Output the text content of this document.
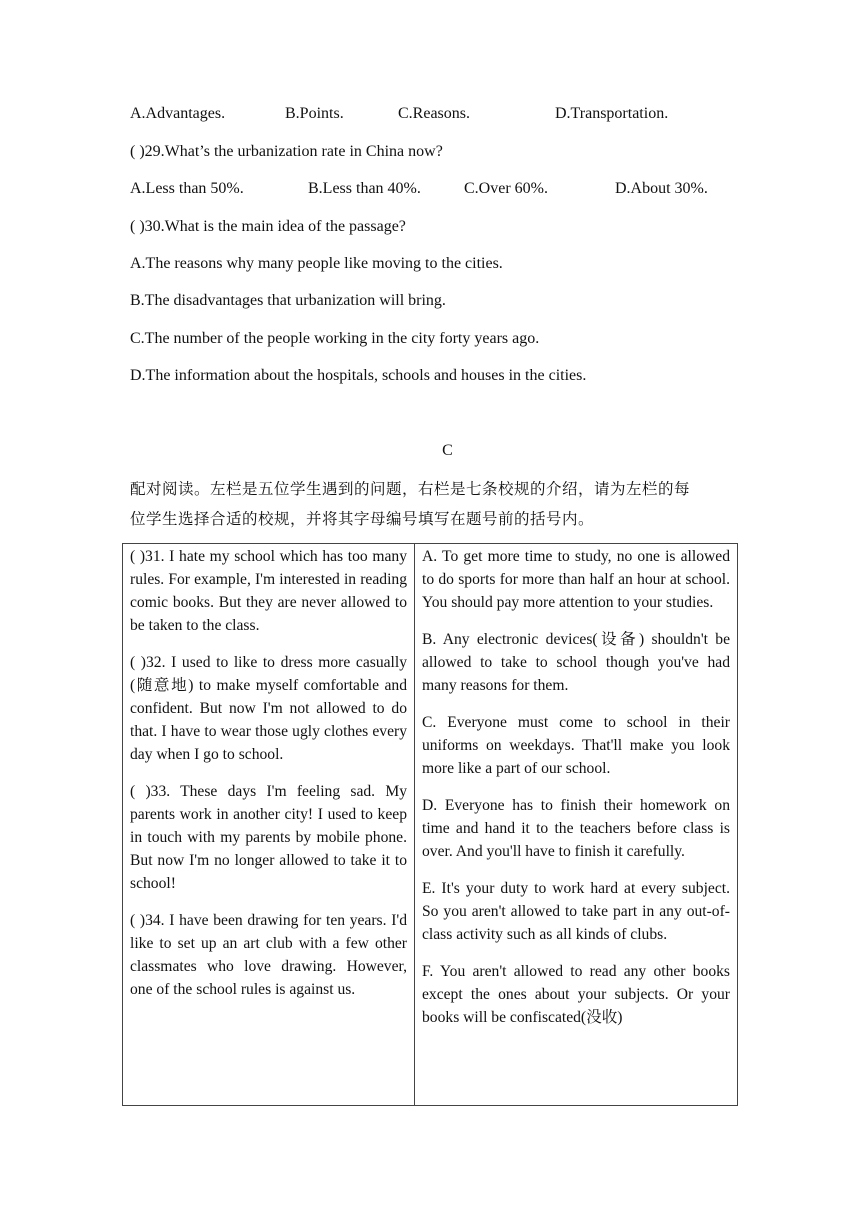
A.Advantages.	B.Points.	C.Reasons.	D.Transportation.
( )29.What’s the urbanization rate in China now?
A.Less than 50%.	B.Less than 40%.	C.Over 60%.	D.About 30%.
( )30.What is the main idea of the passage?
A.The reasons why many people like moving to the cities.
B.The disadvantages that urbanization will bring.
C.The number of the people working in the city forty years ago.
D.The information about the hospitals, schools and houses in the cities.
C
配对阅读。左栏是五位学生遇到的问题，右栏是七条校规的介绍，请为左栏的每
位学生选择合适的校规，并将其字母编号填写在题号前的括号内。

( )31. I hate my school which has too many rules. For example, I'm interested in reading comic books. But they are never allowed to be taken to the class.

( )32. I used to like to dress more casually (随意地) to make myself comfortable and confident. But now I'm not allowed to do that. I have to wear those ugly clothes every day when I go to school.

( )33. These days I'm feeling sad. My parents work in another city! I used to keep in touch with my parents by mobile phone. But now I'm no longer allowed to take it to school!

( )34. I have been drawing for ten years. I'd like to set up an art club with a few other classmates who love drawing. However, one of the school rules is against us.

A. To get more time to study, no one is allowed to do sports for more than half an hour at school. You should pay more attention to your studies.

B. Any electronic devices(设备) shouldn't be allowed to take to school though you've had many reasons for them.

C. Everyone must come to school in their uniforms on weekdays. That'll make you look more like a part of our school.

D. Everyone has to finish their homework on time and hand it to the teachers before class is over. And you'll have to finish it carefully.

E. It's your duty to work hard at every subject. So you aren't allowed to take part in any out-of-class activity such as all kinds of clubs.

F. You aren't allowed to read any other books except the ones about your subjects. Or your books will be confiscated(没收)
